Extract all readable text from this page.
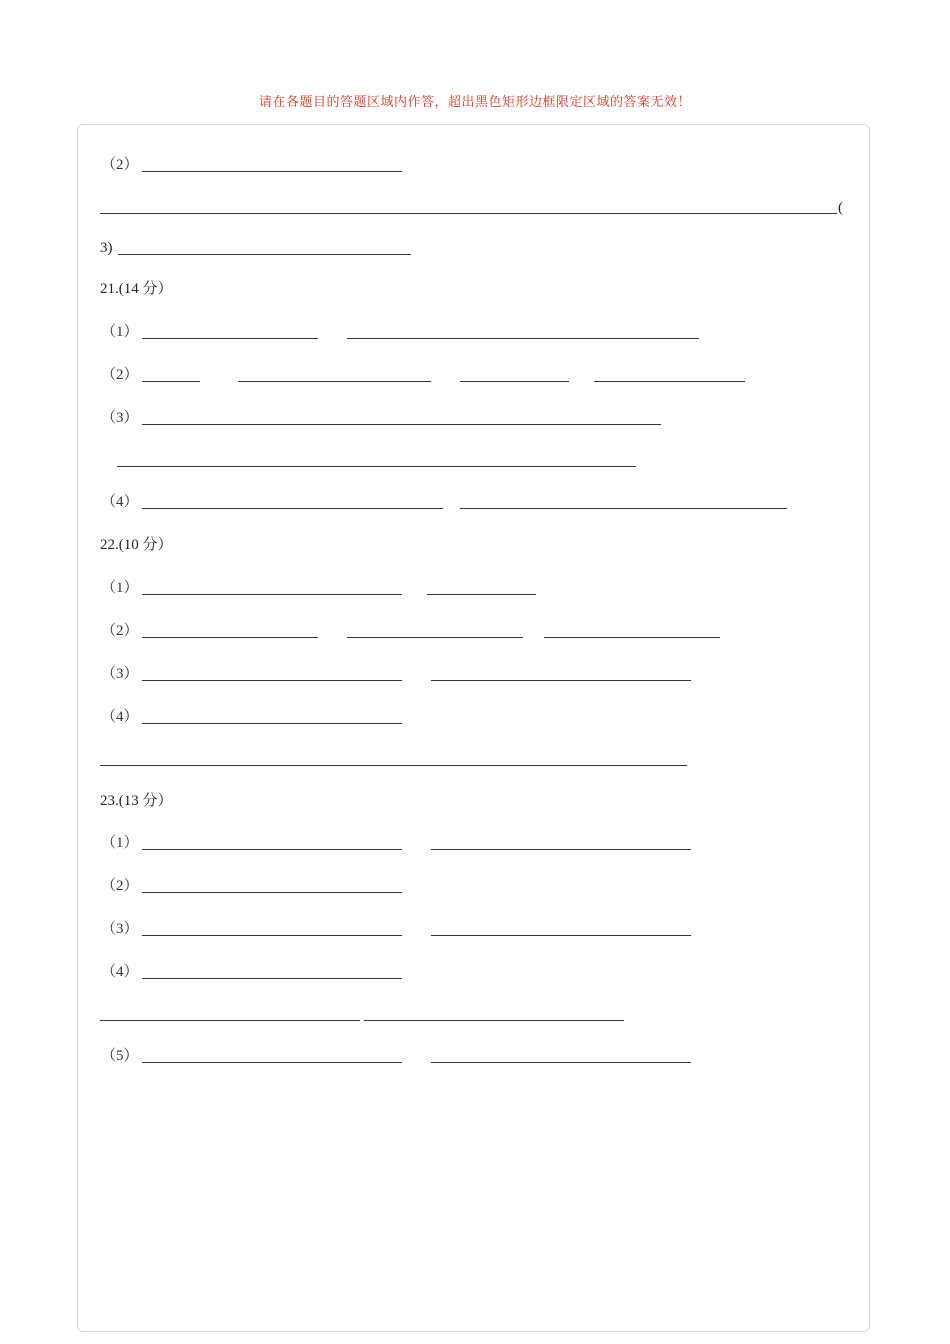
请在各题目的答题区域内作答，超出黑色矩形边框限定区域的答案无效！
（2）
(
3)
21.(14 分）
（1）
（2）
（3）
（4）
22.(10 分）
（1）
（2）
（3）
（4）
23.(13 分）
（1）
（2）
（3）
（4）
（5）
